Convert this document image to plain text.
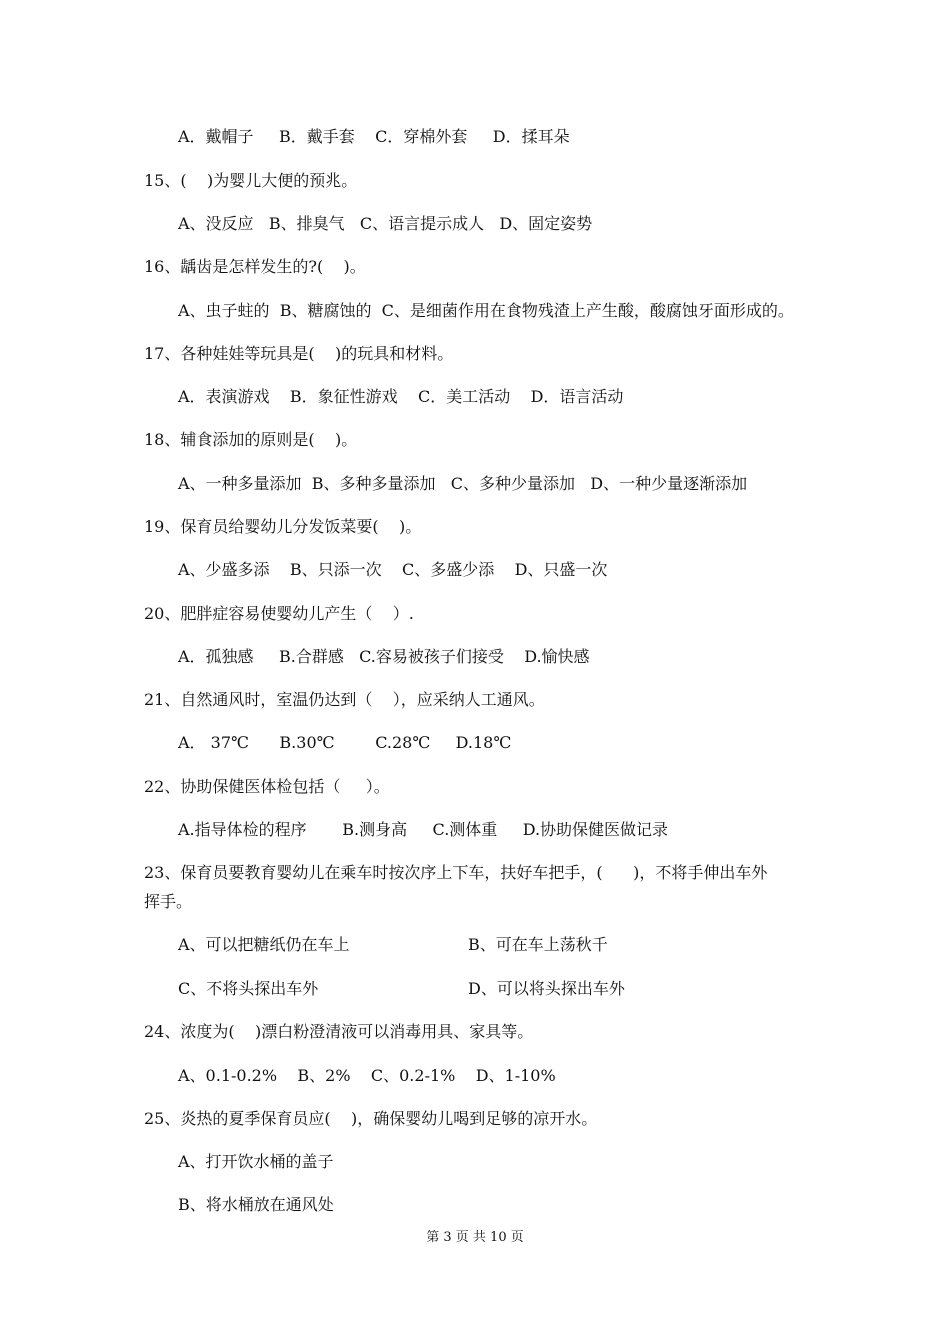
A．戴帽子     B．戴手套    C．穿棉外套     D．揉耳朵

15、(    )为婴儿大便的预兆。

A、没反应   B、排臭气   C、语言提示成人   D、固定姿势

16、龋齿是怎样发生的?(    )。

A、虫子蛀的  B、糖腐蚀的  C、是细菌作用在食物残渣上产生酸，酸腐蚀牙面形成的。

17、各种娃娃等玩具是(    )的玩具和材料。

A．表演游戏    B．象征性游戏    C．美工活动    D．语言活动

18、辅食添加的原则是(    )。

A、一种多量添加  B、多种多量添加   C、多种少量添加   D、一种少量逐渐添加

19、保育员给婴幼儿分发饭菜要(    )。

A、少盛多添    B、只添一次    C、多盛少添    D、只盛一次

20、肥胖症容易使婴幼儿产生（    ）.

A．孤独感     B.合群感   C.容易被孩子们接受    D.愉快感

21、自然通风时，室温仍达到（    ），应采纳人工通风。

A． 37℃      B.30℃        C.28℃     D.18℃

22、协助保健医体检包括（     ）。

A.指导体检的程序       B.测身高     C.测体重     D.协助保健医做记录

23、保育员要教育婴幼儿在乘车时按次序上下车，扶好车把手，(      )，不将手伸出车外

挥手。

A、可以把糖纸仍在车上	B、可在车上荡秋千

C、不将头探出车外	D、可以将头探出车外

24、浓度为(    )漂白粉澄清液可以消毒用具、家具等。

A、0.1-0.2%    B、2%    C、0.2-1%    D、1-10%

25、炎热的夏季保育员应(    )，确保婴幼儿喝到足够的凉开水。

A、打开饮水桶的盖子

B、将水桶放在通风处

第 3 页 共 10 页
